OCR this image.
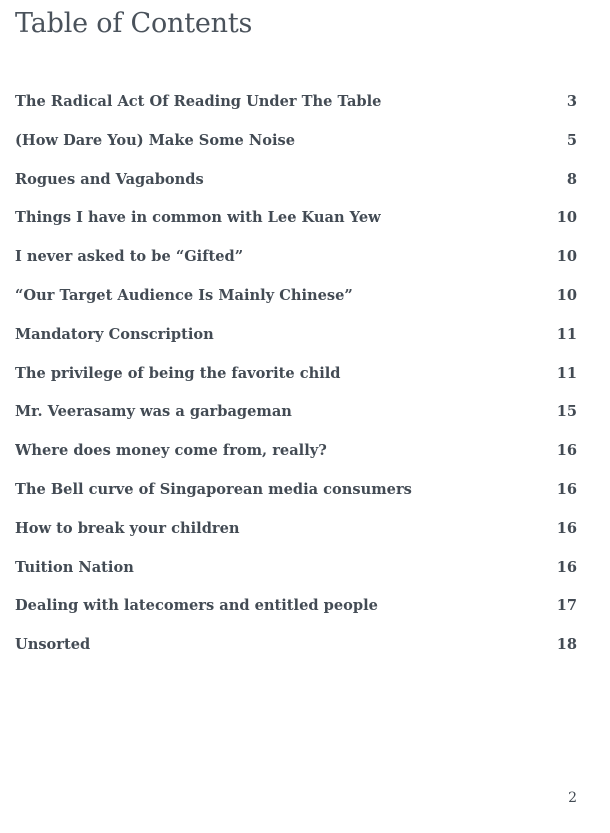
Table of Contents
The Radical Act Of Reading Under The Table	3
(How Dare You) Make Some Noise	5
Rogues and Vagabonds	8
Things I have in common with Lee Kuan Yew	10
I never asked to be “Gifted”	10
“Our Target Audience Is Mainly Chinese”	10
Mandatory Conscription	11
The privilege of being the favorite child	11
Mr. Veerasamy was a garbageman	15
Where does money come from, really?	16
The Bell curve of Singaporean media consumers	16
How to break your children	16
Tuition Nation	16
Dealing with latecomers and entitled people	17
Unsorted	18
2
